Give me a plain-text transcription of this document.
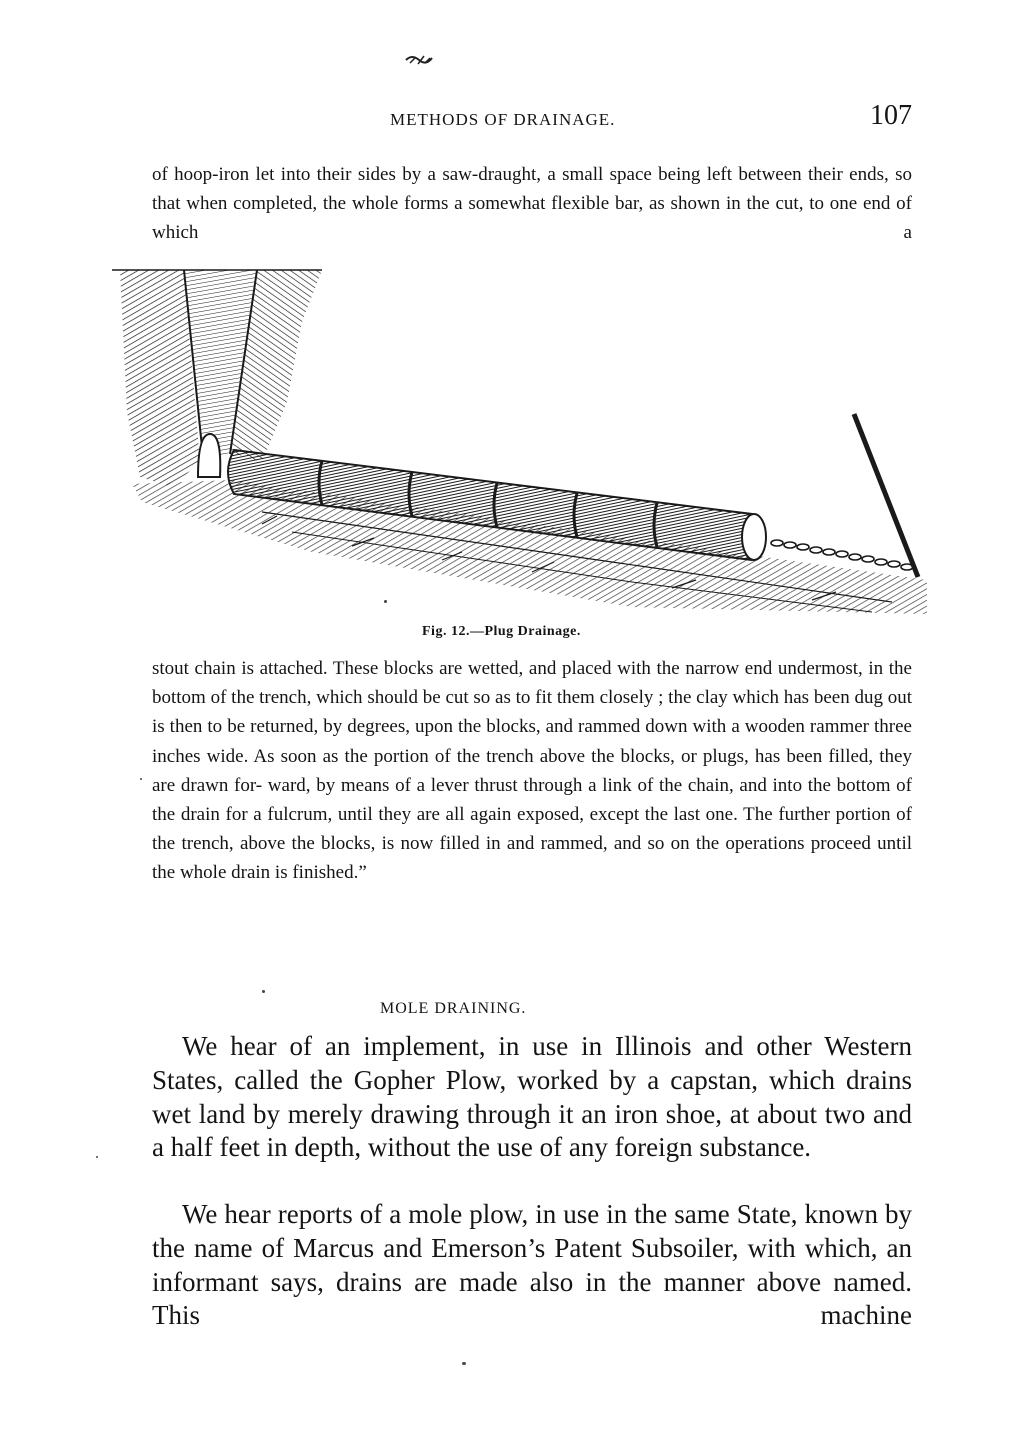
METHODS OF DRAINAGE.	107

of hoop-iron let into their sides by a saw-draught, a small space being left between their ends, so that when completed, the whole forms a somewhat flexible bar, as shown in the cut, to one end of which a

Fig. 12.—Plug Drainage.

stout chain is attached. These blocks are wetted, and placed with the narrow end undermost, in the bottom of the trench, which should be cut so as to fit them closely ; the clay which has been dug out is then to be returned, by degrees, upon the blocks, and rammed down with a wooden rammer three inches wide. As soon as the portion of the trench above the blocks, or plugs, has been filled, they are drawn for- ward, by means of a lever thrust through a link of the chain, and into the bottom of the drain for a fulcrum, until they are all again exposed, except the last one. The further portion of the trench, above the blocks, is now filled in and rammed, and so on the operations proceed until the whole drain is finished.”

MOLE DRAINING.

We hear of an implement, in use in Illinois and other Western States, called the Gopher Plow, worked by a capstan, which drains wet land by merely drawing through it an iron shoe, at about two and a half feet in depth, without the use of any foreign substance.

We hear reports of a mole plow, in use in the same State, known by the name of Marcus and Emerson’s Patent Subsoiler, with which, an informant says, drains are made also in the manner above named. This machine
